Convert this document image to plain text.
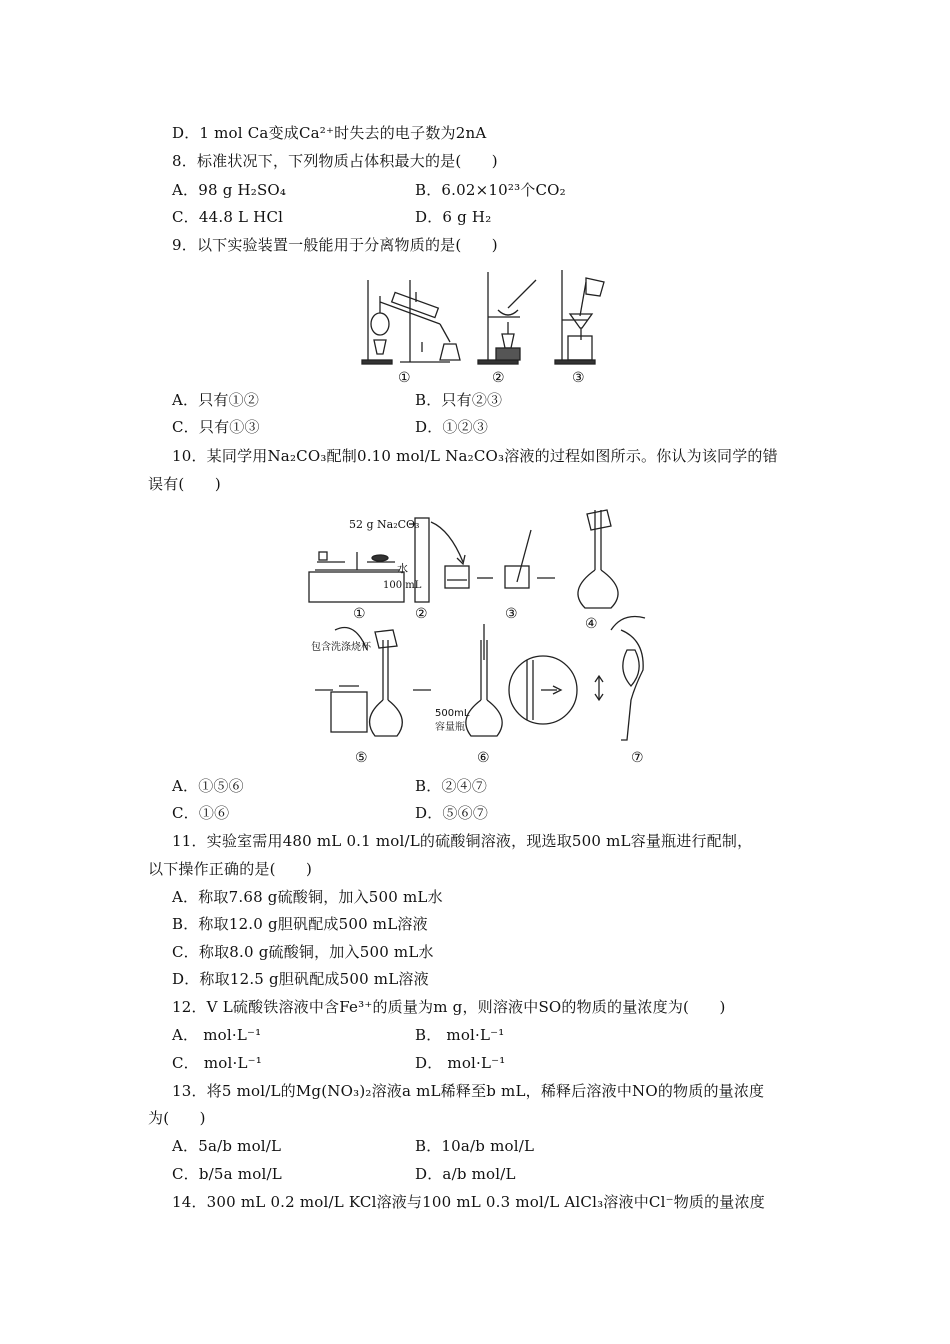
D．1 mol Ca变成Ca²⁺时失去的电子数为2nA
8．标准状况下，下列物质占体积最大的是(　　)
A．98 g H₂SO₄	B．6.02×10²³个CO₂
C．44.8 L HCl	D．6 g H₂
9．以下实验装置一般能用于分离物质的是(　　)
①	②	③
A．只有①②	B．只有②③
C．只有①③	D．①②③
10．某同学用Na₂CO₃配制0.10 mol/L Na₂CO₃溶液的过程如图所示。你认为该同学的错
误有(　　)
52 g Na₂CO₃
水
100 mL
包含洗涤烧杯
500mL
容量瓶
①	②	③
④
⑤	⑥	⑦
A．①⑤⑥	B．②④⑦
C．①⑥	D．⑤⑥⑦
11．实验室需用480 mL 0.1 mol/L的硫酸铜溶液，现选取500 mL容量瓶进行配制，
以下操作正确的是(　　)
A．称取7.68 g硫酸铜，加入500 mL水
B．称取12.0 g胆矾配成500 mL溶液
C．称取8.0 g硫酸铜，加入500 mL水
D．称取12.5 g胆矾配成500 mL溶液
12．V L硫酸铁溶液中含Fe³⁺的质量为m g，则溶液中SO的物质的量浓度为(　　)
A． mol·L⁻¹	B． mol·L⁻¹
C． mol·L⁻¹	D． mol·L⁻¹
13．将5 mol/L的Mg(NO₃)₂溶液a mL稀释至b mL，稀释后溶液中NO的物质的量浓度
为(　　)
A．5a/b mol/L	B．10a/b mol/L
C．b/5a mol/L	D．a/b mol/L
14．300 mL 0.2 mol/L KCl溶液与100 mL 0.3 mol/L AlCl₃溶液中Cl⁻物质的量浓度
